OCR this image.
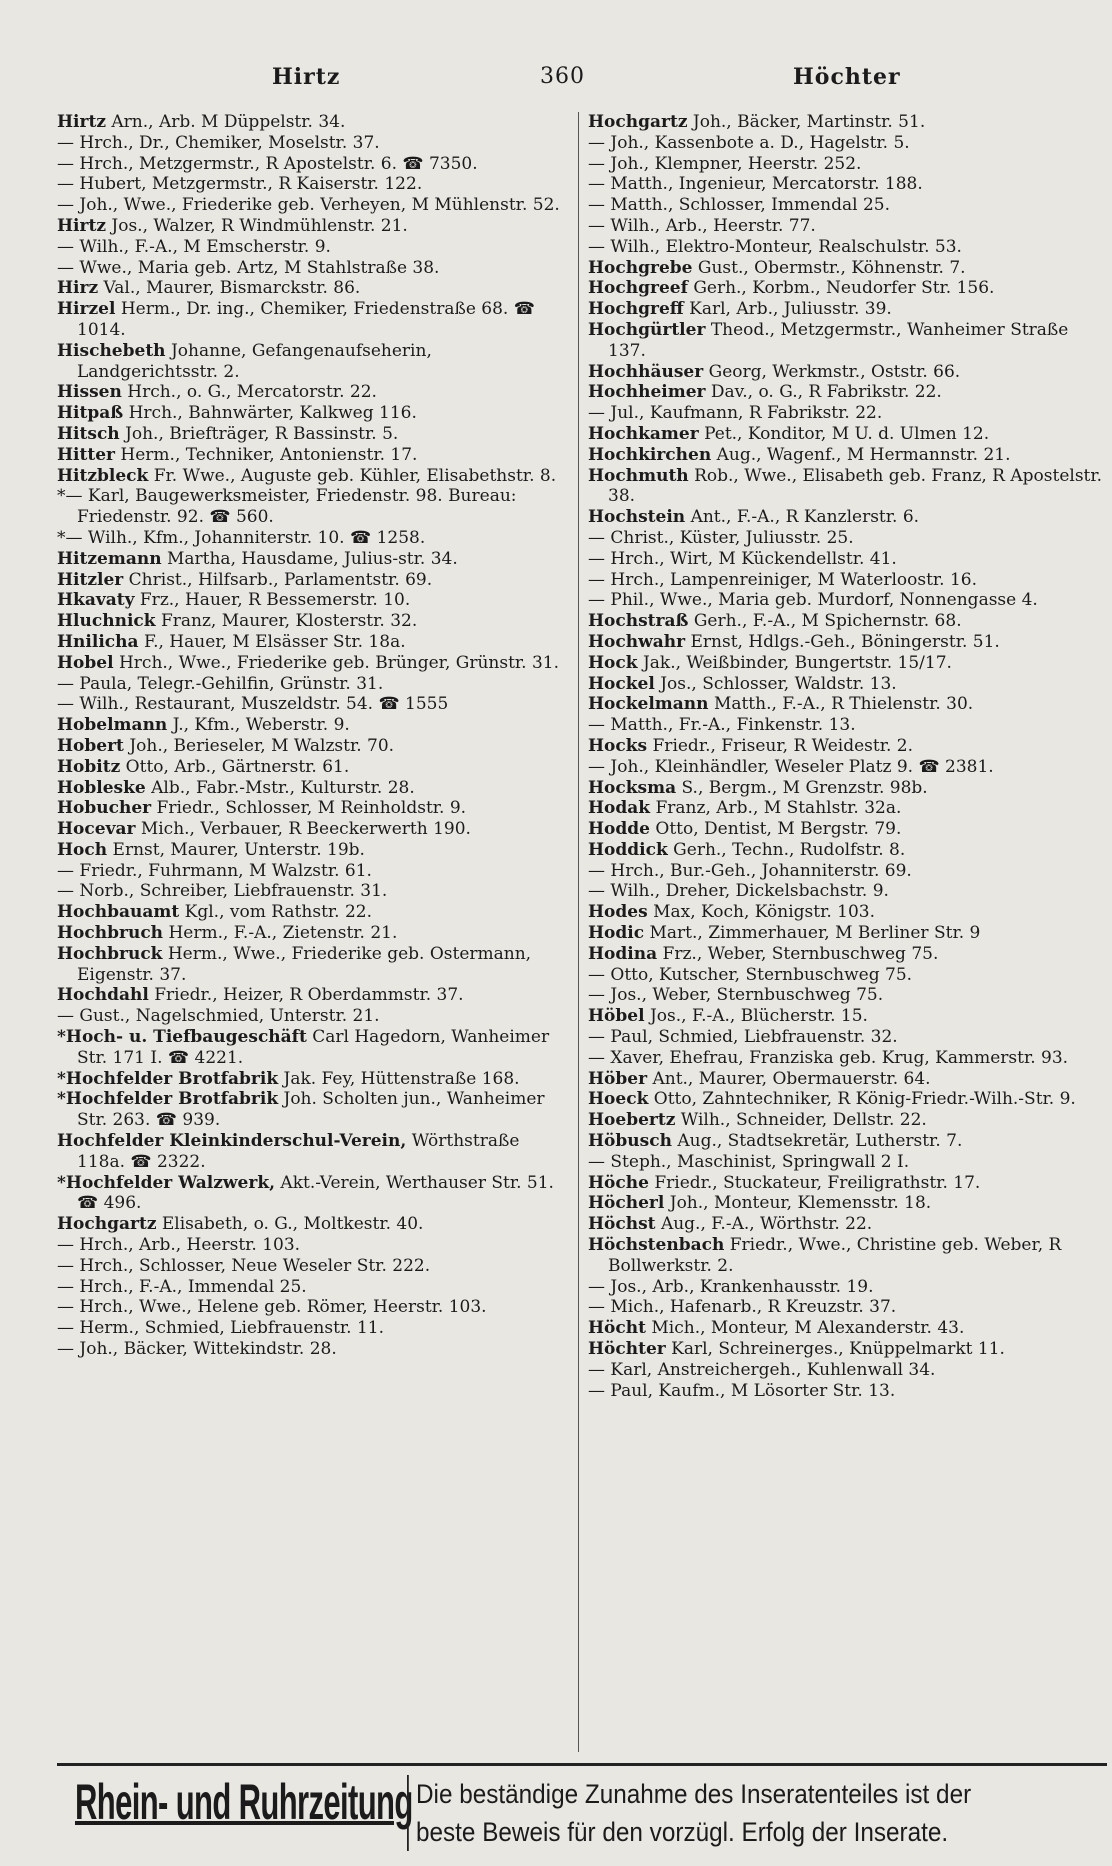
Hirtz	360	Höchter
Hirtz Arn., Arb. M Düppelstr. 34.
— Hrch., Dr., Chemiker, Moselstr. 37.
— Hrch., Metzgermstr., R Apostelstr. 6. ☎ 7350.
— Hubert, Metzgermstr., R Kaiserstr. 122.
— Joh., Wwe., Friederike geb. Verheyen, M Mühlenstr. 52.
Hirtz Jos., Walzer, R Windmühlenstr. 21.
— Wilh., F.-A., M Emscherstr. 9.
— Wwe., Maria geb. Artz, M Stahlstraße 38.
Hirz Val., Maurer, Bismarckstr. 86.
Hirzel Herm., Dr. ing., Chemiker, Friedenstraße 68. ☎ 1014.
Hischebeth Johanne, Gefangenaufseherin, Landgerichtsstr. 2.
Hissen Hrch., o. G., Mercatorstr. 22.
Hitpaß Hrch., Bahnwärter, Kalkweg 116.
Hitsch Joh., Briefträger, R Bassinstr. 5.
Hitter Herm., Techniker, Antonienstr. 17.
Hitzbleck Fr. Wwe., Auguste geb. Kühler, Elisabethstr. 8.
*— Karl, Baugewerksmeister, Friedenstr. 98. Bureau: Friedenstr. 92. ☎ 560.
*— Wilh., Kfm., Johanniterstr. 10. ☎ 1258.
Hitzemann Martha, Hausdame, Julius-str. 34.
Hitzler Christ., Hilfsarb., Parlamentstr. 69.
Hkavaty Frz., Hauer, R Bessemerstr. 10.
Hluchnick Franz, Maurer, Klosterstr. 32.
Hnilicha F., Hauer, M Elsässer Str. 18a.
Hobel Hrch., Wwe., Friederike geb. Brünger, Grünstr. 31.
— Paula, Telegr.-Gehilfin, Grünstr. 31.
— Wilh., Restaurant, Muszeldstr. 54. ☎ 1555
Hobelmann J., Kfm., Weberstr. 9.
Hobert Joh., Berieseler, M Walzstr. 70.
Hobitz Otto, Arb., Gärtnerstr. 61.
Hobleske Alb., Fabr.-Mstr., Kulturstr. 28.
Hobucher Friedr., Schlosser, M Reinholdstr. 9.
Hocevar Mich., Verbauer, R Beeckerwerth 190.
Hoch Ernst, Maurer, Unterstr. 19b.
— Friedr., Fuhrmann, M Walzstr. 61.
— Norb., Schreiber, Liebfrauenstr. 31.
Hochbauamt Kgl., vom Rathstr. 22.
Hochbruch Herm., F.-A., Zietenstr. 21.
Hochbruck Herm., Wwe., Friederike geb. Ostermann, Eigenstr. 37.
Hochdahl Friedr., Heizer, R Oberdammstr. 37.
— Gust., Nagelschmied, Unterstr. 21.
*Hoch- u. Tiefbaugeschäft Carl Hagedorn, Wanheimer Str. 171 I. ☎ 4221.
*Hochfelder Brotfabrik Jak. Fey, Hüttenstraße 168.
*Hochfelder Brotfabrik Joh. Scholten jun., Wanheimer Str. 263. ☎ 939.
Hochfelder Kleinkinderschul-Verein, Wörthstraße 118a. ☎ 2322.
*Hochfelder Walzwerk, Akt.-Verein, Werthauser Str. 51. ☎ 496.
Hochgartz Elisabeth, o. G., Moltkestr. 40.
— Hrch., Arb., Heerstr. 103.
— Hrch., Schlosser, Neue Weseler Str. 222.
— Hrch., F.-A., Immendal 25.
— Hrch., Wwe., Helene geb. Römer, Heerstr. 103.
— Herm., Schmied, Liebfrauenstr. 11.
— Joh., Bäcker, Wittekindstr. 28.
Hochgartz Joh., Bäcker, Martinstr. 51.
— Joh., Kassenbote a. D., Hagelstr. 5.
— Joh., Klempner, Heerstr. 252.
— Matth., Ingenieur, Mercatorstr. 188.
— Matth., Schlosser, Immendal 25.
— Wilh., Arb., Heerstr. 77.
— Wilh., Elektro-Monteur, Realschulstr. 53.
Hochgrebe Gust., Obermstr., Köhnenstr. 7.
Hochgreef Gerh., Korbm., Neudorfer Str. 156.
Hochgreff Karl, Arb., Juliusstr. 39.
Hochgürtler Theod., Metzgermstr., Wanheimer Straße 137.
Hochhäuser Georg, Werkmstr., Oststr. 66.
Hochheimer Dav., o. G., R Fabrikstr. 22.
— Jul., Kaufmann, R Fabrikstr. 22.
Hochkamer Pet., Konditor, M U. d. Ulmen 12.
Hochkirchen Aug., Wagenf., M Hermannstr. 21.
Hochmuth Rob., Wwe., Elisabeth geb. Franz, R Apostelstr. 38.
Hochstein Ant., F.-A., R Kanzlerstr. 6.
— Christ., Küster, Juliusstr. 25.
— Hrch., Wirt, M Kückendellstr. 41.
— Hrch., Lampenreiniger, M Waterloostr. 16.
— Phil., Wwe., Maria geb. Murdorf, Nonnengasse 4.
Hochstraß Gerh., F.-A., M Spichernstr. 68.
Hochwahr Ernst, Hdlgs.-Geh., Böningerstr. 51.
Hock Jak., Weißbinder, Bungertstr. 15/17.
Hockel Jos., Schlosser, Waldstr. 13.
Hockelmann Matth., F.-A., R Thielenstr. 30.
— Matth., Fr.-A., Finkenstr. 13.
Hocks Friedr., Friseur, R Weidestr. 2.
— Joh., Kleinhändler, Weseler Platz 9. ☎ 2381.
Hocksma S., Bergm., M Grenzstr. 98b.
Hodak Franz, Arb., M Stahlstr. 32a.
Hodde Otto, Dentist, M Bergstr. 79.
Hoddick Gerh., Techn., Rudolfstr. 8.
— Hrch., Bur.-Geh., Johanniterstr. 69.
— Wilh., Dreher, Dickelsbachstr. 9.
Hodes Max, Koch, Königstr. 103.
Hodic Mart., Zimmerhauer, M Berliner Str. 9
Hodina Frz., Weber, Sternbuschweg 75.
— Otto, Kutscher, Sternbuschweg 75.
— Jos., Weber, Sternbuschweg 75.
Höbel Jos., F.-A., Blücherstr. 15.
— Paul, Schmied, Liebfrauenstr. 32.
— Xaver, Ehefrau, Franziska geb. Krug, Kammerstr. 93.
Höber Ant., Maurer, Obermauerstr. 64.
Hoeck Otto, Zahntechniker, R König-Friedr.-Wilh.-Str. 9.
Hoebertz Wilh., Schneider, Dellstr. 22.
Höbusch Aug., Stadtsekretär, Lutherstr. 7.
— Steph., Maschinist, Springwall 2 I.
Höche Friedr., Stuckateur, Freiligrathstr. 17.
Höcherl Joh., Monteur, Klemensstr. 18.
Höchst Aug., F.-A., Wörthstr. 22.
Höchstenbach Friedr., Wwe., Christine geb. Weber, R Bollwerkstr. 2.
— Jos., Arb., Krankenhausstr. 19.
— Mich., Hafenarb., R Kreuzstr. 37.
Höcht Mich., Monteur, M Alexanderstr. 43.
Höchter Karl, Schreinerges., Knüppelmarkt 11.
— Karl, Anstreichergeh., Kuhlenwall 34.
— Paul, Kaufm., M Lösorter Str. 13.
Rhein- und Ruhrzeitung Die beständige Zunahme des Inseratenteiles ist der
beste Beweis für den vorzügl. Erfolg der Inserate.
